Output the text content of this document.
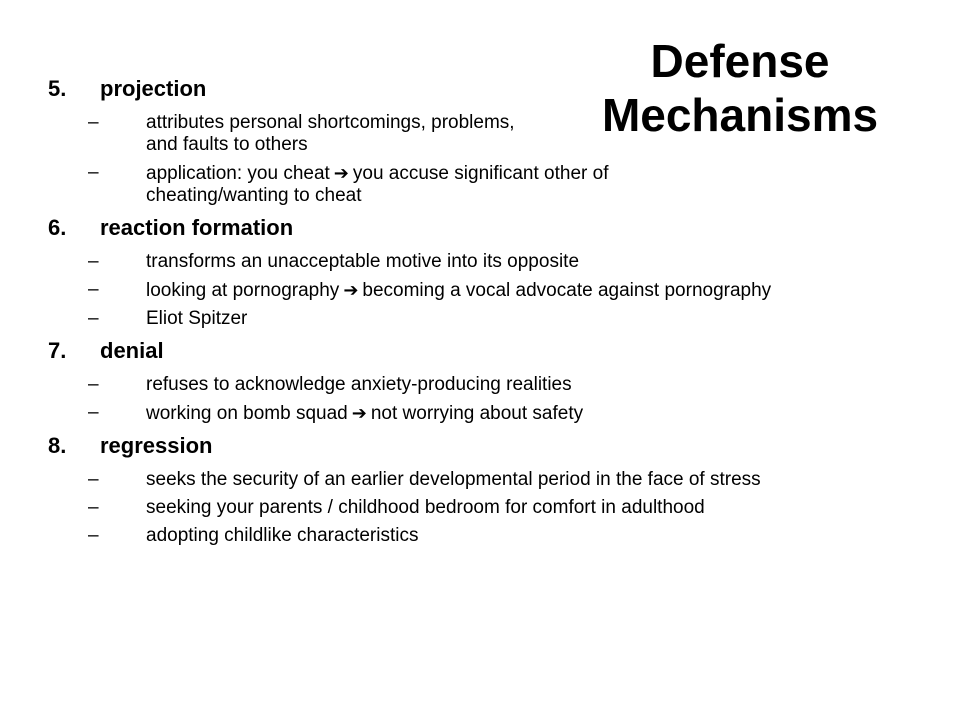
Defense
Mechanisms
5. projection
– attributes personal shortcomings, problems, and faults to others
– application: you cheat ➔ you accuse significant other of cheating/wanting to cheat
6. reaction formation
– transforms an unacceptable motive into its opposite
– looking at pornography ➔ becoming a vocal advocate against pornography
– Eliot Spitzer
7. denial
– refuses to acknowledge anxiety-producing realities
– working on bomb squad ➔ not worrying about safety
8. regression
– seeks the security of an earlier developmental period in the face of stress
– seeking your parents / childhood bedroom for comfort in adulthood
– adopting childlike characteristics
